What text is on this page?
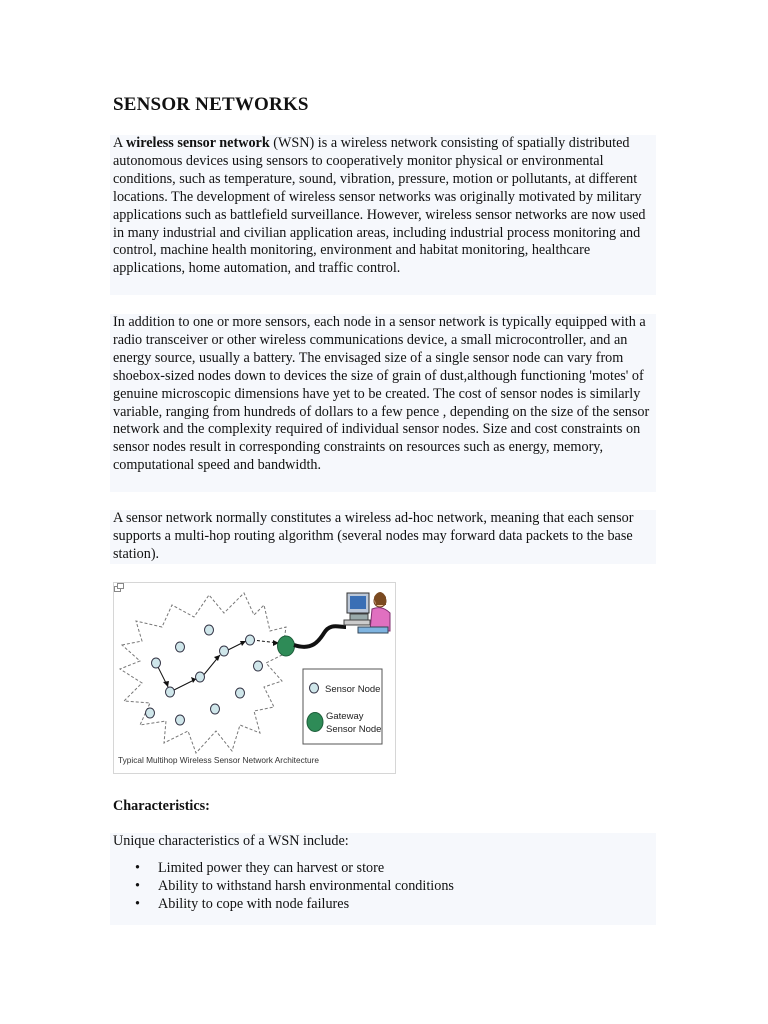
SENSOR NETWORKS

A wireless sensor network (WSN) is a wireless network consisting of spatially distributed autonomous devices using sensors to cooperatively monitor physical or environmental conditions, such as temperature, sound, vibration, pressure, motion or pollutants, at different locations. The development of wireless sensor networks was originally motivated by military applications such as battlefield surveillance. However, wireless sensor networks are now used in many industrial and civilian application areas, including industrial process monitoring and control, machine health monitoring, environment and habitat monitoring, healthcare applications, home automation, and traffic control.

In addition to one or more sensors, each node in a sensor network is typically equipped with a radio transceiver or other wireless communications device, a small microcontroller, and an energy source, usually a battery. The envisaged size of a single sensor node can vary from shoebox-sized nodes down to devices the size of grain of dust,although functioning 'motes' of genuine microscopic dimensions have yet to be created. The cost of sensor nodes is similarly variable, ranging from hundreds of dollars to a few pence , depending on the size of the sensor network and the complexity required of individual sensor nodes. Size and cost constraints on sensor nodes result in corresponding constraints on resources such as energy, memory, computational speed and bandwidth.

A sensor network normally constitutes a wireless ad-hoc network, meaning that each sensor supports a multi-hop routing algorithm (several nodes may forward data packets to the base station).

Sensor Node
Gateway
Sensor Node
Typical Multihop Wireless Sensor Network Architecture
Characteristics:

Unique characteristics of a WSN include:

• Limited power they can harvest or store
• Ability to withstand harsh environmental conditions
• Ability to cope with node failures
